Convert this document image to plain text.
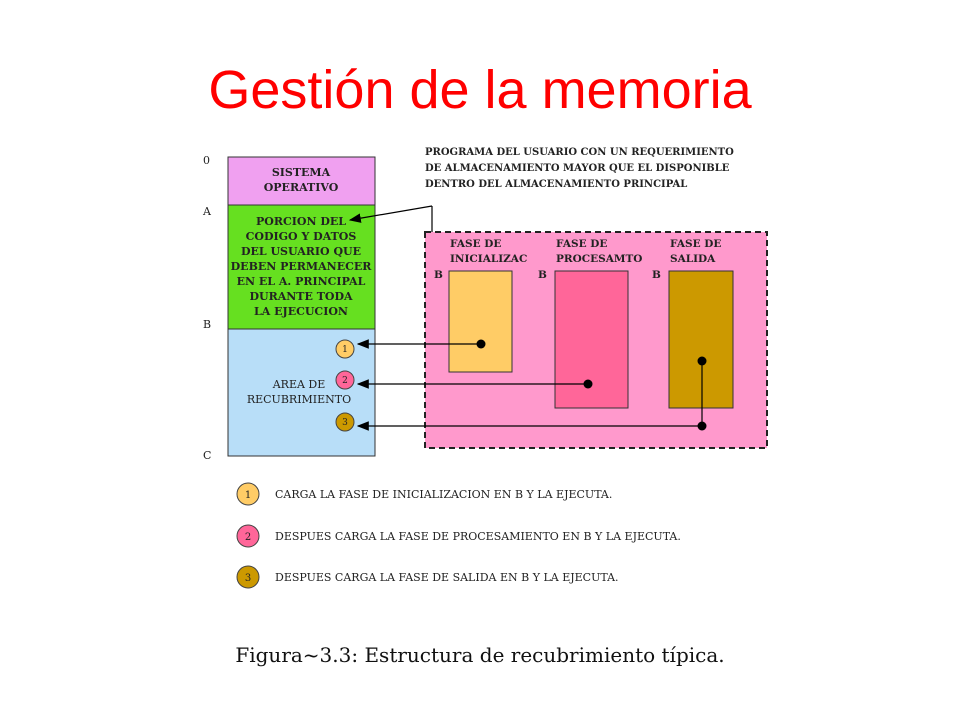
Gestión de la memoria
0
A
B
C
SISTEMA
OPERATIVO
PORCION DEL
CODIGO Y DATOS
DEL USUARIO QUE
DEBEN PERMANECER
EN EL A. PRINCIPAL
DURANTE TODA
LA EJECUCION
AREA DE
RECUBRIMIENTO
1
2
3
PROGRAMA DEL USUARIO CON UN REQUERIMIENTO
DE ALMACENAMIENTO MAYOR QUE EL DISPONIBLE
DENTRO DEL ALMACENAMIENTO PRINCIPAL
FASE DE
INICIALIZAC
FASE DE
PROCESAMTO
FASE DE
SALIDA
B	B	B
1 CARGA LA FASE DE INICIALIZACION EN B Y LA EJECUTA.
2 DESPUES CARGA LA FASE DE PROCESAMIENTO EN B Y LA EJECUTA.
3 DESPUES CARGA LA FASE DE SALIDA EN B Y LA EJECUTA.
Figura~3.3: Estructura de recubrimiento típica.
